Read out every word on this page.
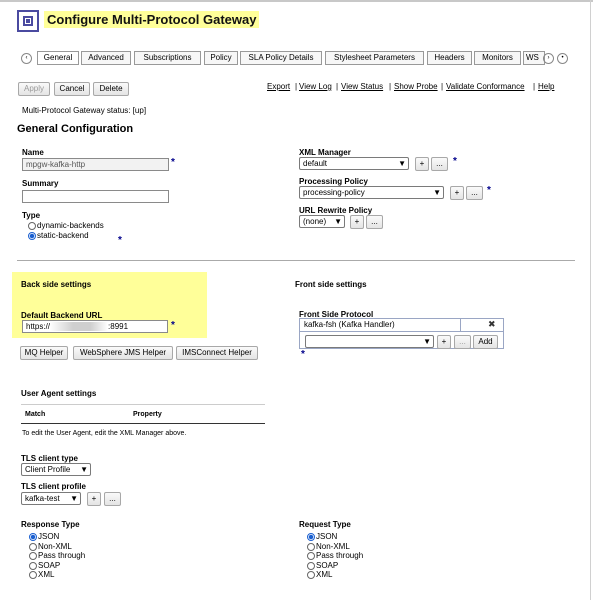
Configure Multi-Protocol Gateway
‹	General	Advanced	Subscriptions	Policy	SLA Policy Details	Stylesheet Parameters	Headers	Monitors	WS	›	•
Apply	Cancel	Delete	Export | View Log | View Status | Show Probe | Validate Conformance | Help
Multi-Protocol Gateway status: [up]
General Configuration
Name
mpgw-kafka-http	*
Summary
Type
dynamic-backends
static-backend	*
XML Manager
default	▼	+	...	*
Processing Policy
processing-policy	▼	+	... *
URL Rewrite Policy
(none) ▼	+	...
Back side settings
Default Backend URL
https://	:8991	*
MQ Helper	WebSphere JMS Helper	IMSConnect Helper
Front side settings
Front Side Protocol
kafka-fsh (Kafka Handler)	✖
▼	+	...	Add
*
User Agent settings
Match	Property
To edit the User Agent, edit the XML Manager above.
TLS client type
Client Profile ▼
TLS client profile
kafka-test ▼	+	...
Response Type
JSON
Non-XML
Pass through
SOAP
XML
Request Type
JSON
Non-XML
Pass through
SOAP
XML
